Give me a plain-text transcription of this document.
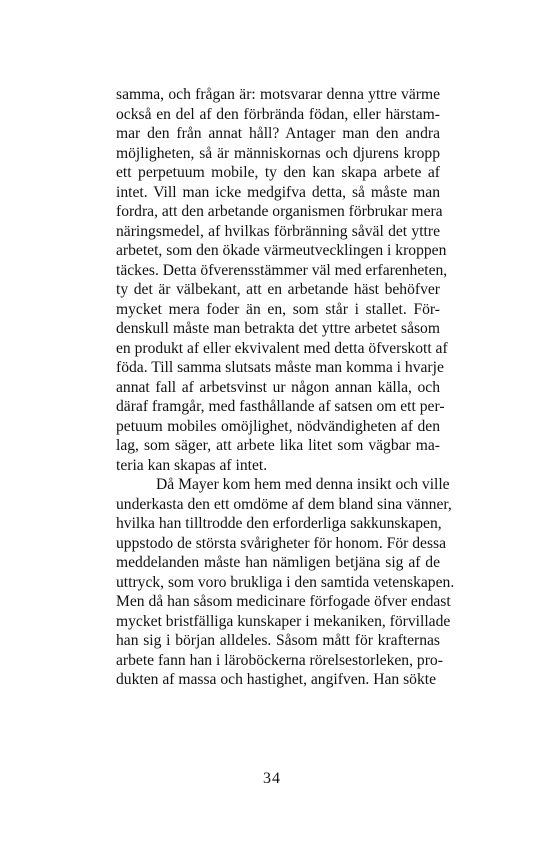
samma, och frågan är: motsvarar denna yttre värme
också en del af den förbrända födan, eller härstam-
mar den från annat håll? Antager man den andra
möjligheten, så är människornas och djurens kropp
ett perpetuum mobile, ty den kan skapa arbete af
intet. Vill man icke medgifva detta, så måste man
fordra, att den arbetande organismen förbrukar mera
näringsmedel, af hvilkas förbränning såväl det yttre
arbetet, som den ökade värmeutvecklingen i kroppen
täckes. Detta öfverensstämmer väl med erfarenheten,
ty det är välbekant, att en arbetande häst behöfver
mycket mera foder än en, som står i stallet. För-
denskull måste man betrakta det yttre arbetet såsom
en produkt af eller ekvivalent med detta öfverskott af
föda. Till samma slutsats måste man komma i hvarje
annat fall af arbetsvinst ur någon annan källa, och
däraf framgår, med fasthållande af satsen om ett per-
petuum mobiles omöjlighet, nödvändigheten af den
lag, som säger, att arbete lika litet som vägbar ma-
teria kan skapas af intet.
Då Mayer kom hem med denna insikt och ville
underkasta den ett omdöme af dem bland sina vänner,
hvilka han tilltrodde den erforderliga sakkunskapen,
uppstodo de största svårigheter för honom. För dessa
meddelanden måste han nämligen betjäna sig af de
uttryck, som voro brukliga i den samtida vetenskapen.
Men då han såsom medicinare förfogade öfver endast
mycket bristfälliga kunskaper i mekaniken, förvillade
han sig i början alldeles. Såsom mått för krafternas
arbete fann han i läroböckerna rörelsestorleken, pro-
dukten af massa och hastighet, angifven. Han sökte
34
